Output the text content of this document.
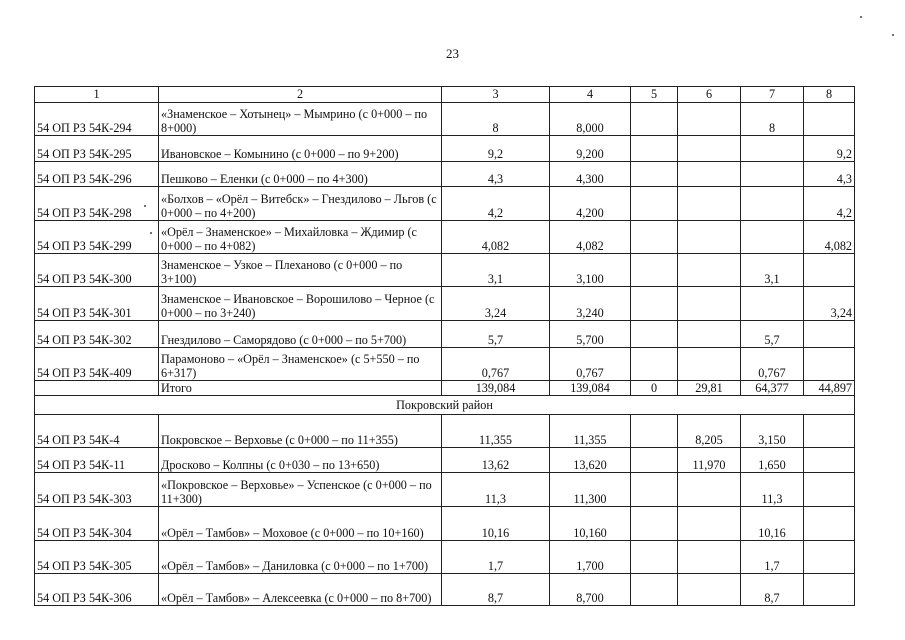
23
1	2	3	4	5	6	7	8
54 ОП РЗ 54К-294	«Знаменское – Хотынец» – Мымрино (с 0+000 – по 8+000)	8	8,000			8	
54 ОП РЗ 54К-295	Ивановское – Комынино (с 0+000 – по 9+200)	9,2	9,200				9,2
54 ОП РЗ 54К-296	Пешково – Еленки (с 0+000 – по 4+300)	4,3	4,300				4,3
54 ОП РЗ 54К-298	«Болхов – «Орёл – Витебск» – Гнездилово – Льгов (с 0+000 – по 4+200)	4,2	4,200				4,2
54 ОП РЗ 54К-299	«Орёл – Знаменское» – Михайловка – Ждимир (с 0+000 – по 4+082)	4,082	4,082				4,082
54 ОП РЗ 54К-300	Знаменское – Узкое – Плеханово (с 0+000 – по 3+100)	3,1	3,100			3,1	
54 ОП РЗ 54К-301	Знаменское – Ивановское – Ворошилово – Черное (с 0+000 – по 3+240)	3,24	3,240				3,24
54 ОП РЗ 54К-302	Гнездилово – Саморядово (с 0+000 – по 5+700)	5,7	5,700			5,7	
54 ОП РЗ 54К-409	Парамоново – «Орёл – Знаменское» (с 5+550 – по 6+317)	0,767	0,767			0,767	
	Итого	139,084	139,084	0	29,81	64,377	44,897
Покровский район							
54 ОП РЗ 54К-4	Покровское – Верховье (с 0+000 – по 11+355)	11,355	11,355		8,205	3,150	
54 ОП РЗ 54К-11	Дросково – Колпны (с 0+030 – по 13+650)	13,62	13,620		11,970	1,650	
54 ОП РЗ 54К-303	«Покровское – Верховье» – Успенское (с 0+000 – по 11+300)	11,3	11,300			11,3	
54 ОП РЗ 54К-304	«Орёл – Тамбов» – Моховое (с 0+000 – по 10+160)	10,16	10,160			10,16	
54 ОП РЗ 54К-305	«Орёл – Тамбов» – Даниловка (с 0+000 – по 1+700)	1,7	1,700			1,7	
54 ОП РЗ 54К-306	«Орёл – Тамбов» – Алексеевка (с 0+000 – по 8+700)	8,7	8,700			8,7	
